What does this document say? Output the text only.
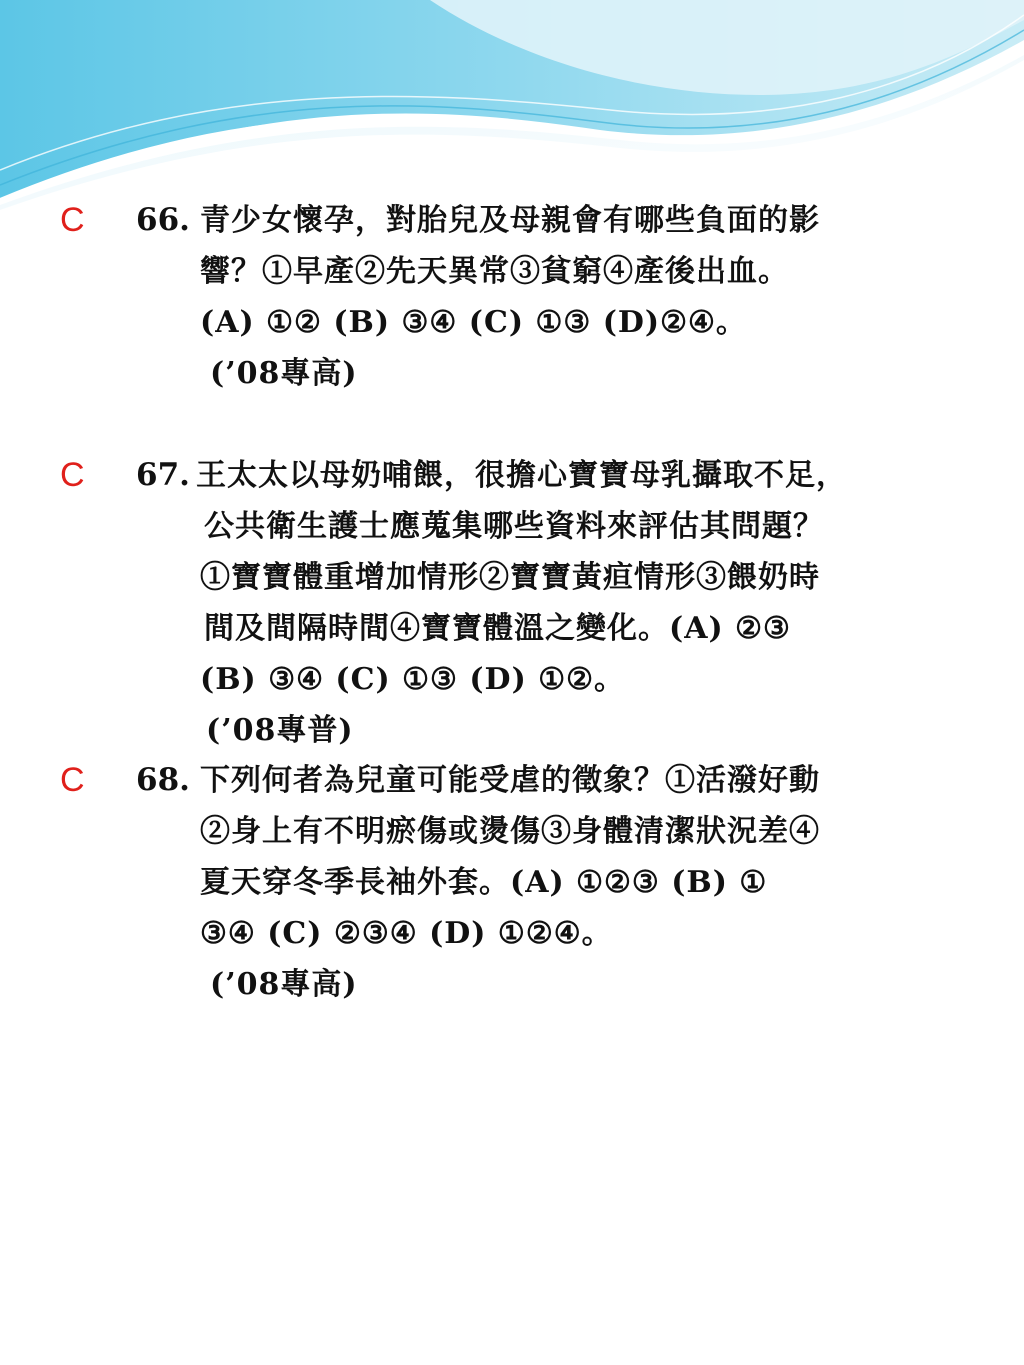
C 66. 青少女懷孕，對胎兒及母親會有哪些負面的影
響？①早產②先天異常③貧窮④產後出血。
(A) ①② (B) ③④ (C) ①③ (D)②④。
(’08專高)
C 67. 王太太以母奶哺餵，很擔心寶寶母乳攝取不足，
公共衛生護士應蒐集哪些資料來評估其問題？
①寶寶體重增加情形②寶寶黃疸情形③餵奶時
間及間隔時間④寶寶體溫之變化。(A) ②③
(B) ③④ (C) ①③ (D) ①②。
(’08專普)
C 68. 下列何者為兒童可能受虐的徵象？①活潑好動
②身上有不明瘀傷或燙傷③身體清潔狀況差④
夏天穿冬季長袖外套。(A) ①②③ (B) ①
③④ (C) ②③④ (D) ①②④。
(’08專高)
